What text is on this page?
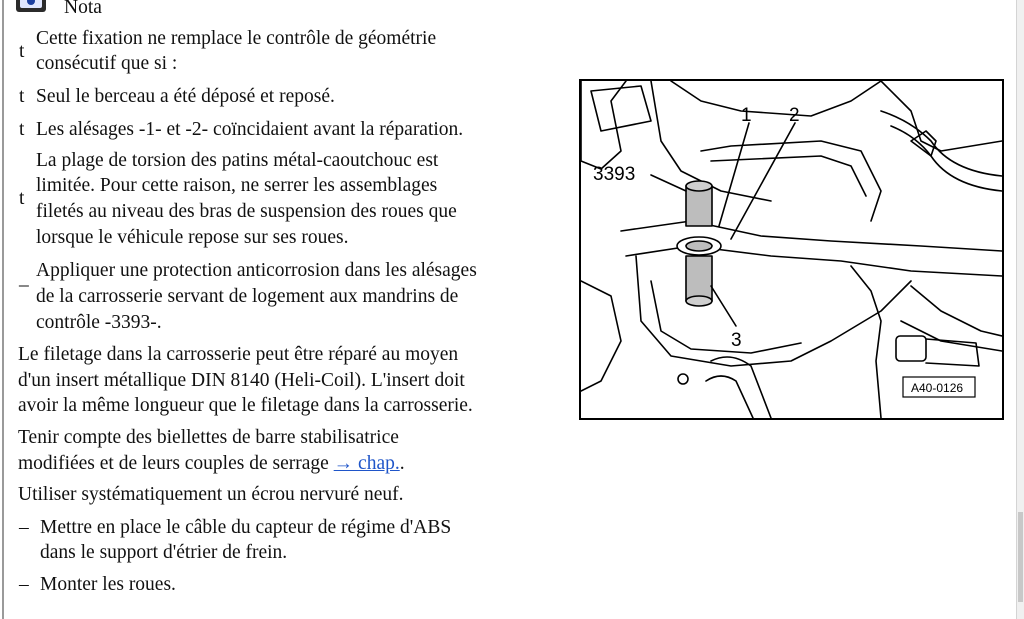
Nota
t
Cette fixation ne remplace le contrôle de géométrie
consécutif que si :
t Seul le berceau a été déposé et reposé.
t Les alésages -1- et -2- coïncidaient avant la réparation.
t
La plage de torsion des patins métal-caoutchouc est
limitée. Pour cette raison, ne serrer les assemblages
filetés au niveau des bras de suspension des roues que
lorsque le véhicule repose sur ses roues.
_ Appliquer une protection anticorrosion dans les alésages
de la carrosserie servant de logement aux mandrins de
contrôle -3393-.
Le filetage dans la carrosserie peut être réparé au moyen
d'un insert métallique DIN 8140 (Heli-Coil). L'insert doit
avoir la même longueur que le filetage dans la carrosserie.
Tenir compte des biellettes de barre stabilisatrice
modifiées et de leurs couples de serrage → chap..
Utiliser systématiquement un écrou nervuré neuf.
– Mettre en place le câble du capteur de régime d'ABS
dans le support d'étrier de frein.
– Monter les roues.
3393
1 2
3
A40-0126
